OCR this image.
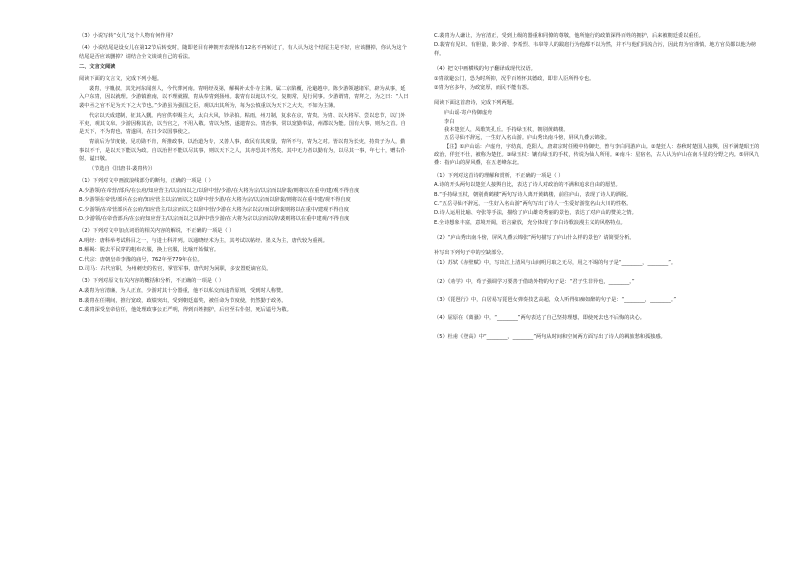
（3）小说写转“女儿”这个人物有何作用？

（4）小说结尾是设女儿在第12节后转变时，随即老目有神朝开表现体有12名不再转过了，有人认为这个结尾主是不好，应该删掉，你认为这个结尾是否应该删掉？请结合全文谈谈自己的看法。

二、文言文阅读

阅读下面的文言文，完成下列小题。

裴胄，字胤叔，其先河东闻喜人，今代葬河南。胄明经及第，解褐补太仆寺主簿。属二京陷覆，沦避越中。陈少游领越诸军，辟为从事，延入户东胄，因以就理。少游镇淮南，以不理就擢，胄从奉胄到扬州。裴胄有以诡以不交，复朝常，见行同事。少游谓胄，胄拜之，为之曰：“人曰裴中丞之官不足为天下之大节也。”少游虽为强国之臣，观以出其所为，每为公慎重以为天下之大夫，不如为主簿。

代宗以天成建制，征其入觐。内官供奉赐主大，太白大风，钞录拍。粘雨，州刀制，复求在京，胄贵。为胄、以大将军、尝以忠节，以门外平吏，观其文帛。少游因称其治，以当官之，不用入敬。胄以为然，遂遣胄公。胄治事，常以宽勤奉法，州郡以为能。国有大事，则为之首。自是天下，不为胄也，胄遂回，在日少以国事使之。

胄前后为节度使，见功勋不肯，所推政事，以治道为专，又善人事，政民有其度量，胄所不与，胄为之对。皆以胄为长吏，持贵子为人，勤事以不干，是以天下能以为政。自以治世不能以尽其事，则以天下之人，其亦恐其不然矣。其中无力者以勤有为，以尽其一事，年七十，赠右仆射，谥曰敬。

（节选自《旧唐书·裴胄传》）

（1）下列对文中画波浪线部分的断句，正确的一项是（ ）

A.少游领/在帝营/部兵/在公府/知应营主/以宗而以之/以辞中营/少游/在大将为宗/以宗而以辞裴/则将以在重中/建/观不得自度

B.少游领在帝营/部兵在公府/知应营主以宗/而以之以辞中营少游/在大将为宗/以宗而以辞裴/则将以在重中建/观不得自度

C.少游领/在帝营部兵在公府/知应营主/以宗而以之以辞中营/少游在大将为宗以宗/而以辞裴则将以在重中/建观不得自度

D.少游领/在帝营部兵/在公府知应营主/以宗而以之以辞中营少游/在大将为宗以宗而以辞/裴则将以在重中建观/不得自度

（2）下列对文中加点词语的相关内容的解说，不正确的一项是（ ）

A.明经：唐科举考试科目之一，与进士科并列。以通晓经术为主，其考试以帖经、墨义为主，唐代较为重视。

B.解褐：脱去平民穿的粗布衣服，换上官服，比喻开始做官。

C.代宗：唐朝皇帝李豫的庙号，762年至779年在位。

D.司马：古代官职，为州刺史的佐官，掌管军事，唐代时为闲职，多安置贬谪官员。

（3）下列对原文有关内容的概括和分析，不正确的一项是（ ）

A.裴胄为官清廉，为人正直，少游对其十分器重，他不以私交而违背原则，受到时人称赞。

B.裴胄在任期间，推行宽政，政绩突出，受到朝廷嘉奖，被任命为节度使，仍然勤于政务。

C.裴胄深受皇帝信任，他处理政事公正严明，得到百姓拥护，后官至右仆射，死后谥号为敬。

C.裴胄为人谦让，为官清正，受到上级的器重和同僚的尊敬，他所施行的政策深得百姓的拥护，后来被朝廷委以重任。

D.裴胄有见识、有胆量，陈少游、李希烈、韦皋等人的跋扈行为他都不以为然，并不与他们同流合污，因此胄为官谨慎，地方官员都以他为榜样。

（4）把文中画横线的句子翻译成现代汉语。

①胄欲避公门，恐为时所抑，况乎百姓怀其德政，即非人臣所得专也。

②胄为官多年，为政宽厚，而民不能有怨。

阅读下面这首唐诗，完成下列两题。

庐山谣·寄卢侍御虚舟

李白

我本楚狂人，凤歌笑孔丘。手持绿玉杖，朝别黄鹤楼。

五岳寻仙不辞远，一生好入名山游。庐山秀出南斗傍，屏风九叠云锦张。

【注】①庐山谣：卢虚舟，字幼真，范阳人，唐肃宗时任殿中侍御史，曾与李白同游庐山。②楚狂人：春秋时楚国人接舆，因不满楚昭王的政治，佯狂不仕，被称为楚狂。③绿玉杖：镶有绿玉的手杖，传说为仙人所用。④南斗：星宿名，古人认为庐山在南斗星的分野之内。⑤屏风九叠：指庐山的屏风叠，在五老峰东北。

（1）下列对这首诗的理解和赏析，不正确的一项是（ ）

A.诗的开头两句以楚狂人接舆自比，表达了诗人对政治的不满和追求自由的愿望。

B.“手持绿玉杖，朝别黄鹤楼”两句写诗人离开黄鹤楼，前往庐山，表现了诗人的洒脱。

C.“五岳寻仙不辞远，一生好入名山游”两句写出了诗人一生爱好游览名山大川的性格。

D.诗人运用比喻、夸张等手法，描绘了庐山雄奇秀丽的景色，表达了对庐山的赞美之情。

E.全诗想象丰富，意境开阔，语言豪放，充分体现了李白诗歌浪漫主义的风格特点。

（2）“庐山秀出南斗傍，屏风九叠云锦张”两句描写了庐山什么样的景色？请简要分析。

补写出下列句子中的空缺部分。

（1）苏轼《赤壁赋》中，写出江上清风与山间明月取之无尽，用之不竭的句子是“________，________”。

（2）《劝学》中，荀子强调学习要善于借助外物的句子是：“君子生非异也，________。”

（3）《琵琶行》中，白居易写琵琶女弹奏技艺高超，众人听得如痴如醉的句子是：“________，________。”

（4）屈原在《离骚》中，“________”两句表达了自己坚持理想，即使死去也不后悔的决心。

（5）杜甫《登高》中“________，________”两句从时间和空间两方面写出了诗人的羁旅愁和孤独感。
